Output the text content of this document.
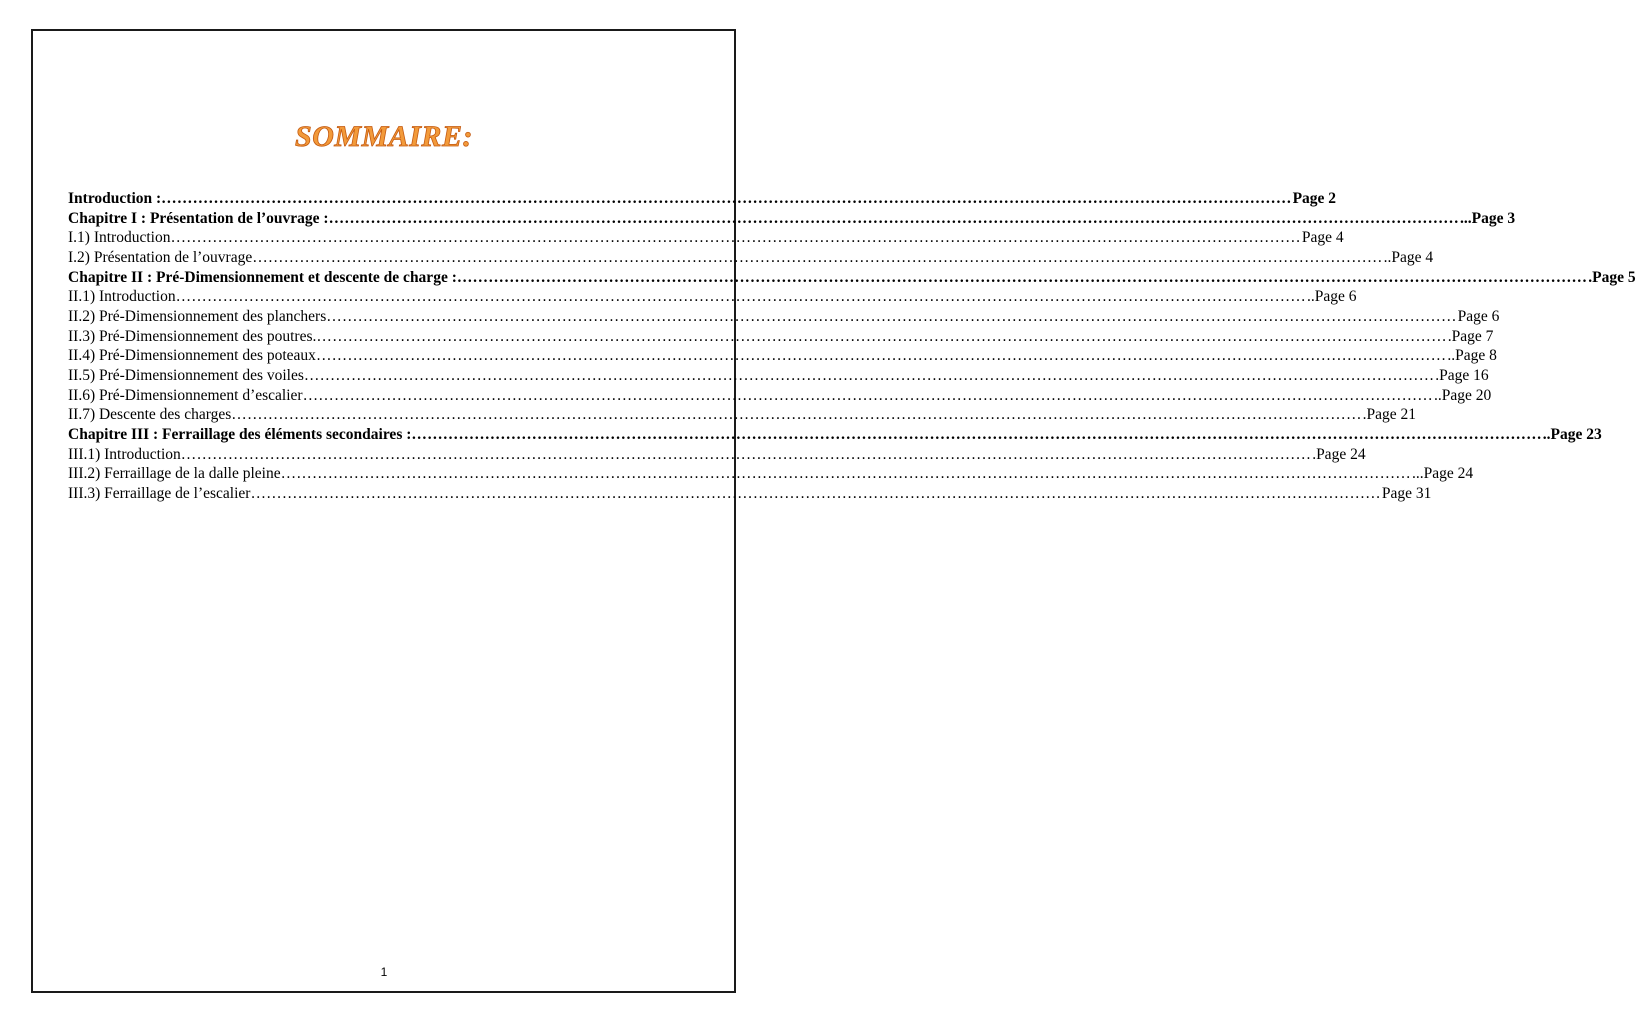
SOMMAIRE:
Introduction : ……………………………………………………………………………………………………………………………………………………………………………………………… Page 2
Chapitre I : Présentation de l’ouvrage : ……………………………………………………………………………………………………………………………………………………………………………………………… ...Page 3
I.1) Introduction ……………………………………………………………………………………………………………………………………………………………………………………………… Page 4
I.2) Présentation de l’ouvrage ……………………………………………………………………………………………………………………………………………………………………………………………… ..Page 4
Chapitre II : Pré-Dimensionnement et descente de charge : ……………………………………………………………………………………………………………………………………………………………………………………………… .Page 5
II.1) Introduction ……………………………………………………………………………………………………………………………………………………………………………………………… ..Page 6
II.2) Pré-Dimensionnement des planchers ……………………………………………………………………………………………………………………………………………………………………………………………… Page 6
II.3) Pré-Dimensionnement des poutres. ……………………………………………………………………………………………………………………………………………………………………………………………… .Page 7
II.4) Pré-Dimensionnement des poteaux ……………………………………………………………………………………………………………………………………………………………………………………………… ..Page 8
II.5) Pré-Dimensionnement des voiles ……………………………………………………………………………………………………………………………………………………………………………………………… .Page 16
II.6) Pré-Dimensionnement d’escalier ……………………………………………………………………………………………………………………………………………………………………………………………… ..Page 20
II.7) Descente des charges ……………………………………………………………………………………………………………………………………………………………………………………………… .Page 21
Chapitre III : Ferraillage des éléments secondaires : ……………………………………………………………………………………………………………………………………………………………………………………………… ..Page 23
III.1) Introduction ……………………………………………………………………………………………………………………………………………………………………………………………… .Page 24
III.2) Ferraillage de la dalle pleine ……………………………………………………………………………………………………………………………………………………………………………………………… ...Page 24
III.3) Ferraillage de l’escalier ……………………………………………………………………………………………………………………………………………………………………………………………… Page 31
1
